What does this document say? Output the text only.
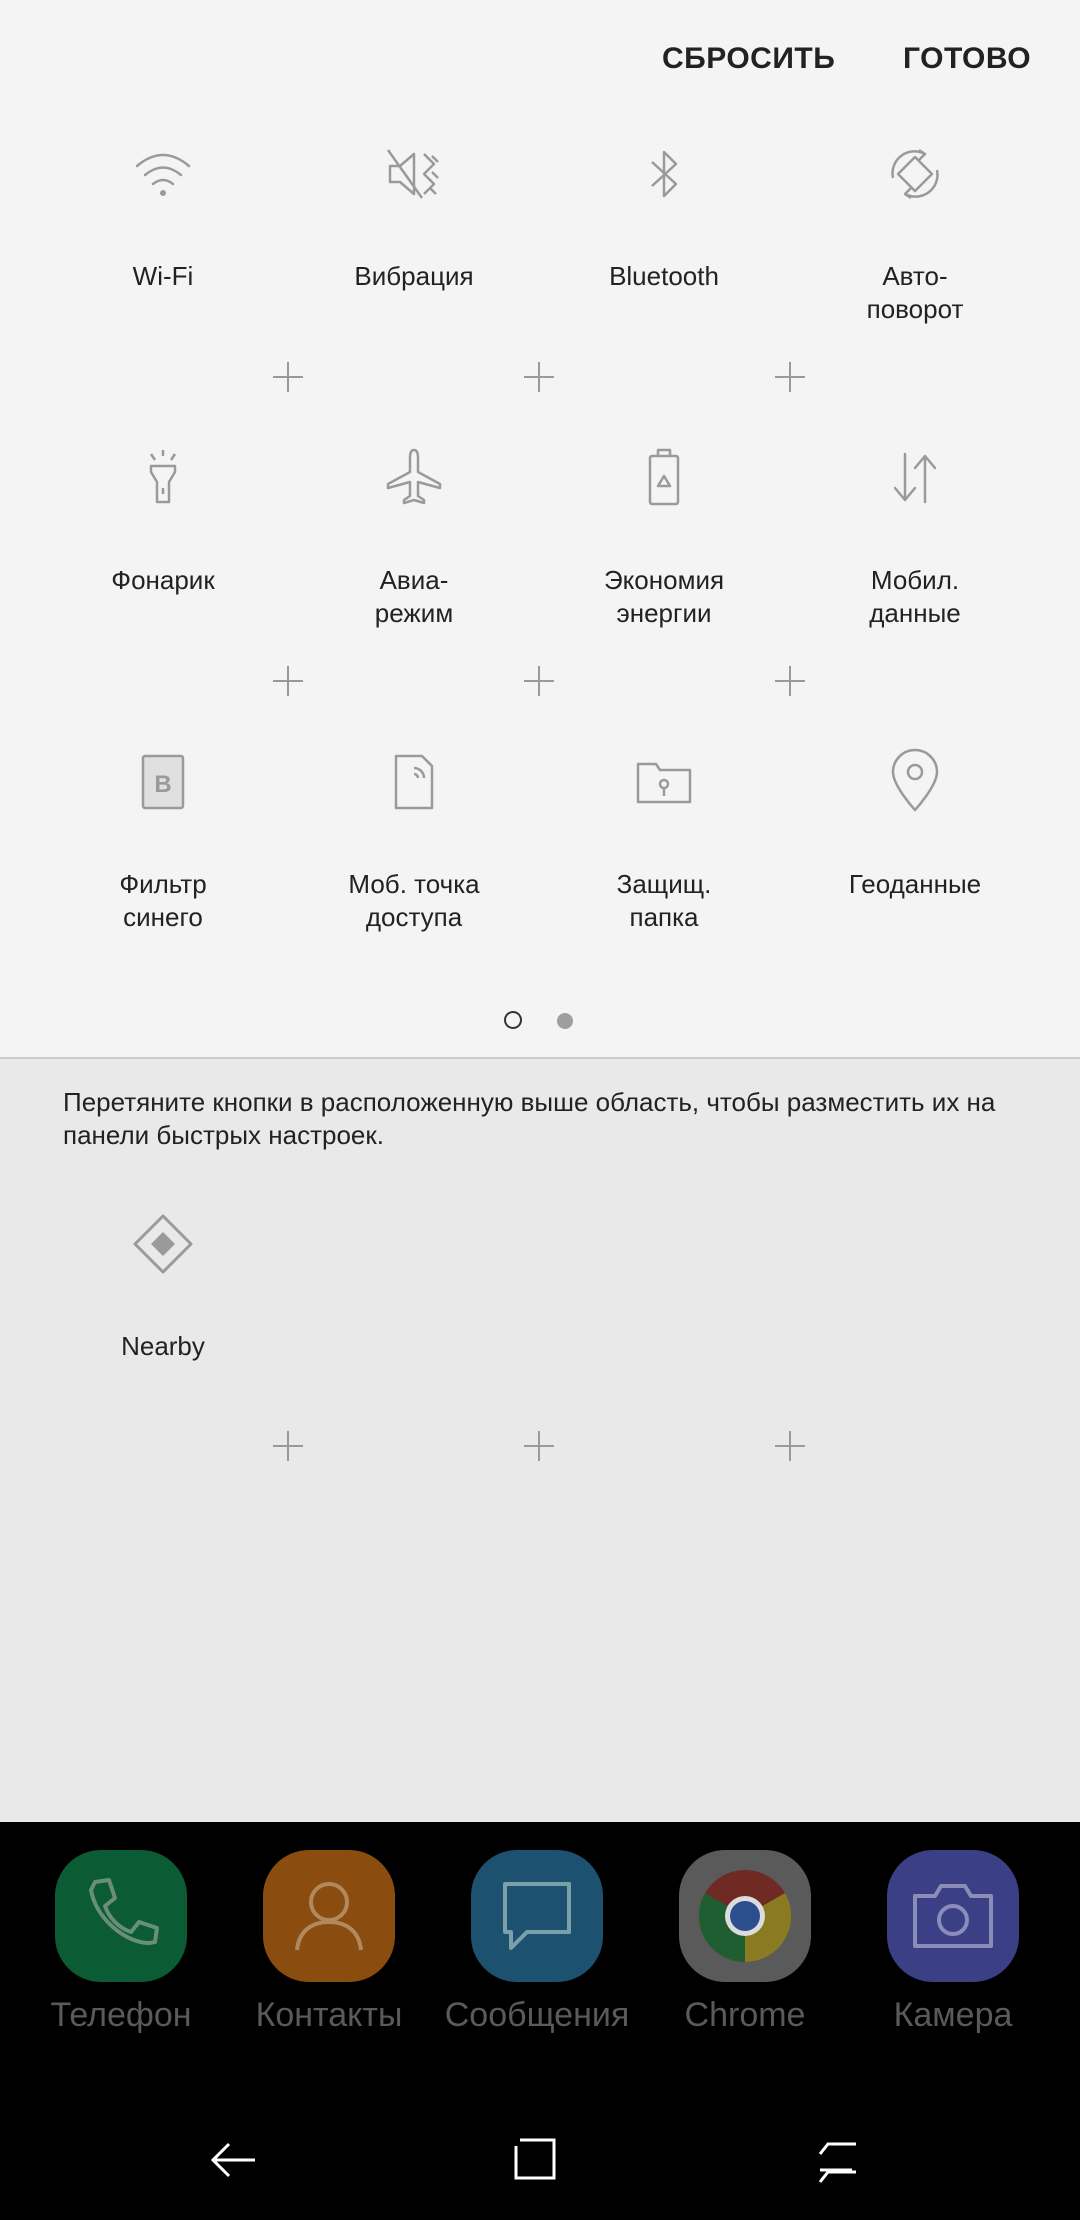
СБРОСИТЬ ГОТОВО
Wi-Fi	Вибрация	Bluetooth	Авто-
поворот
Фонарик	Авиа-
режим
Экономия
энергии
Мобил.
данные
B
Фильтр
синего
Моб. точка
доступа
Защищ.
папка
Геоданные
Перетяните кнопки в расположенную выше область, чтобы разместить их на панели быстрых настроек.
Nearby
Телефон	Контакты	Сообщения	Chrome	Камера
